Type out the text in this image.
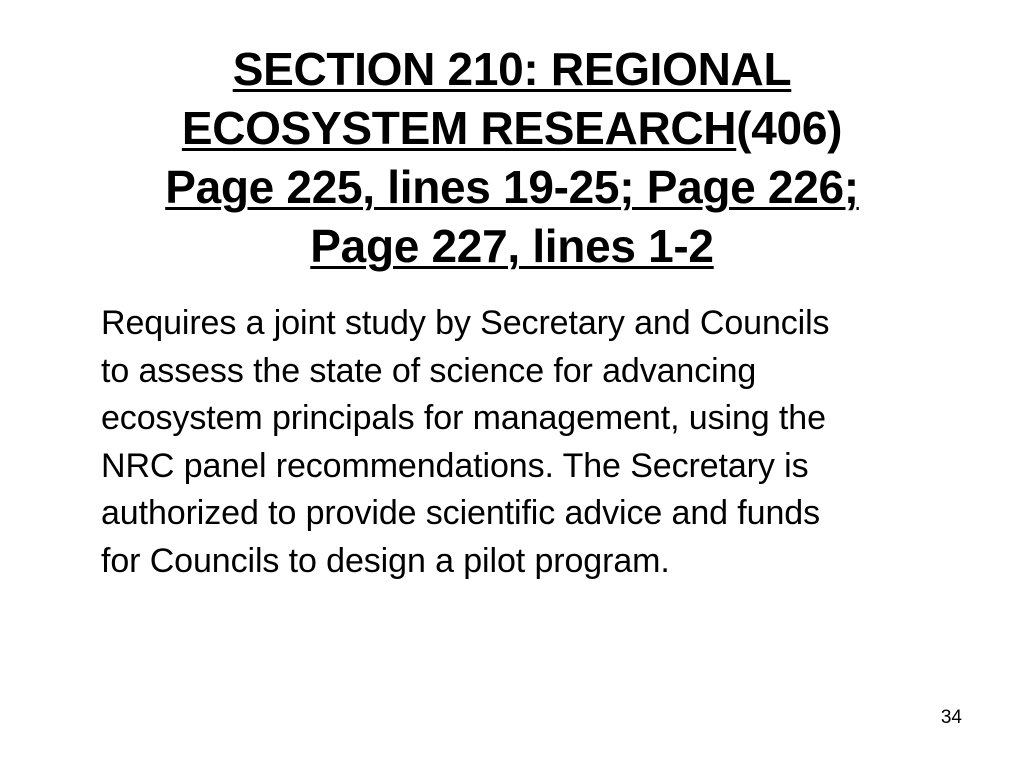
SECTION 210: REGIONAL
ECOSYSTEM RESEARCH(406)
Page 225, lines 19-25; Page 226;
Page 227, lines 1-2
Requires a joint study by Secretary and Councils
to assess the state of science for advancing
ecosystem principals for management, using the
NRC panel recommendations. The Secretary is
authorized to provide scientific advice and funds
for Councils to design a pilot program.
34
